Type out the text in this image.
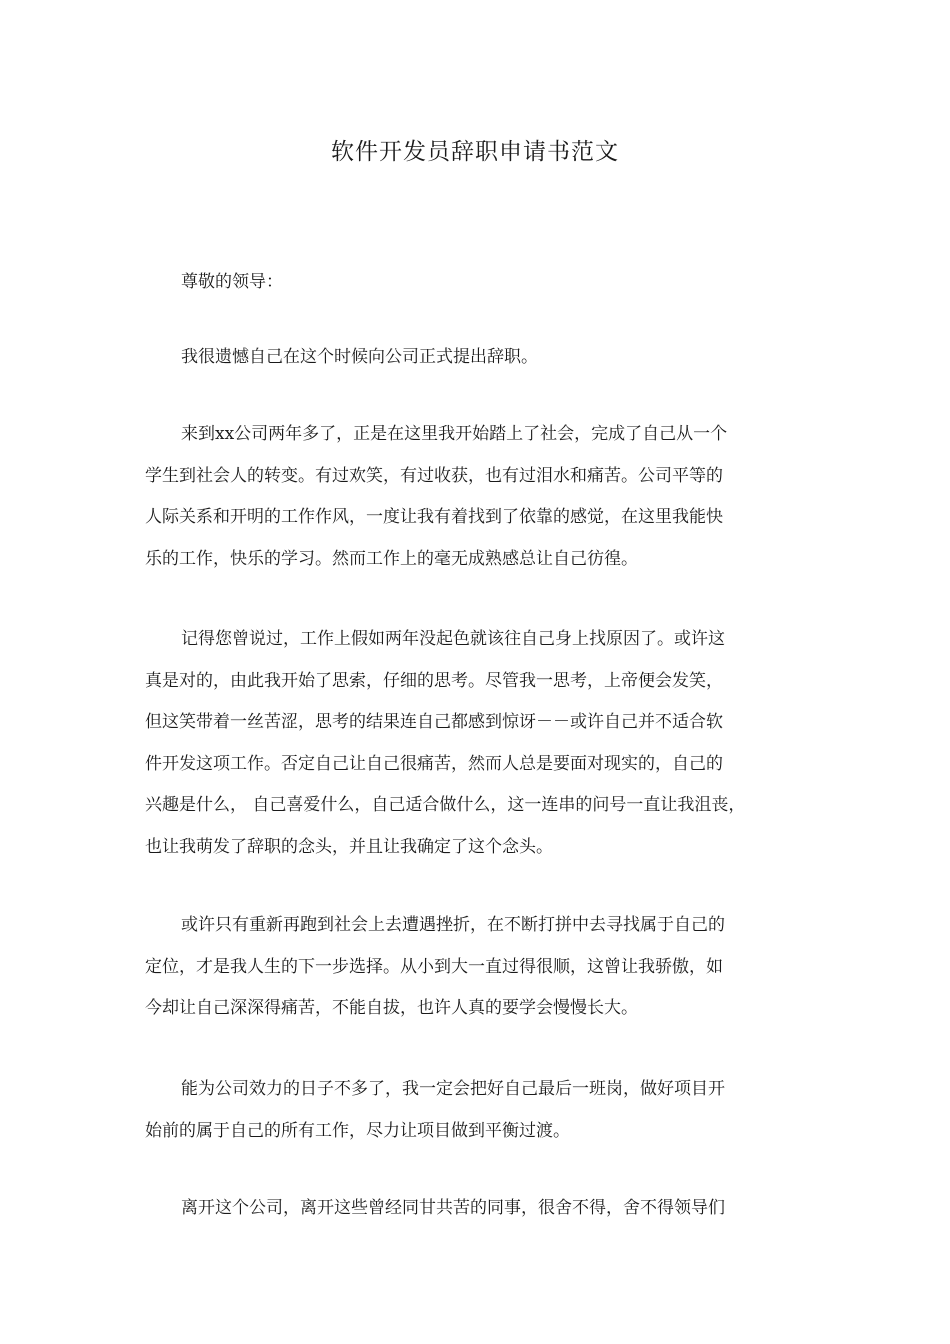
软件开发员辞职申请书范文

尊敬的领导：

我很遗憾自己在这个时候向公司正式提出辞职。

来到xx公司两年多了，正是在这里我开始踏上了社会，完成了自己从一个
学生到社会人的转变。有过欢笑，有过收获，也有过泪水和痛苦。公司平等的
人际关系和开明的工作作风，一度让我有着找到了依靠的感觉，在这里我能快
乐的工作，快乐的学习。然而工作上的毫无成熟感总让自己彷徨。

记得您曾说过，工作上假如两年没起色就该往自己身上找原因了。或许这
真是对的，由此我开始了思索，仔细的思考。尽管我一思考，上帝便会发笑，
但这笑带着一丝苦涩，思考的结果连自己都感到惊讶－－或许自己并不适合软
件开发这项工作。否定自己让自己很痛苦，然而人总是要面对现实的，自己的
兴趣是什么， 自己喜爱什么，自己适合做什么，这一连串的问号一直让我沮丧，
也让我萌发了辞职的念头，并且让我确定了这个念头。

或许只有重新再跑到社会上去遭遇挫折，在不断打拼中去寻找属于自己的
定位，才是我人生的下一步选择。从小到大一直过得很顺，这曾让我骄傲，如
今却让自己深深得痛苦，不能自拔，也许人真的要学会慢慢长大。

能为公司效力的日子不多了，我一定会把好自己最后一班岗，做好项目开
始前的属于自己的所有工作，尽力让项目做到平衡过渡。

离开这个公司，离开这些曾经同甘共苦的同事，很舍不得，舍不得领导们
